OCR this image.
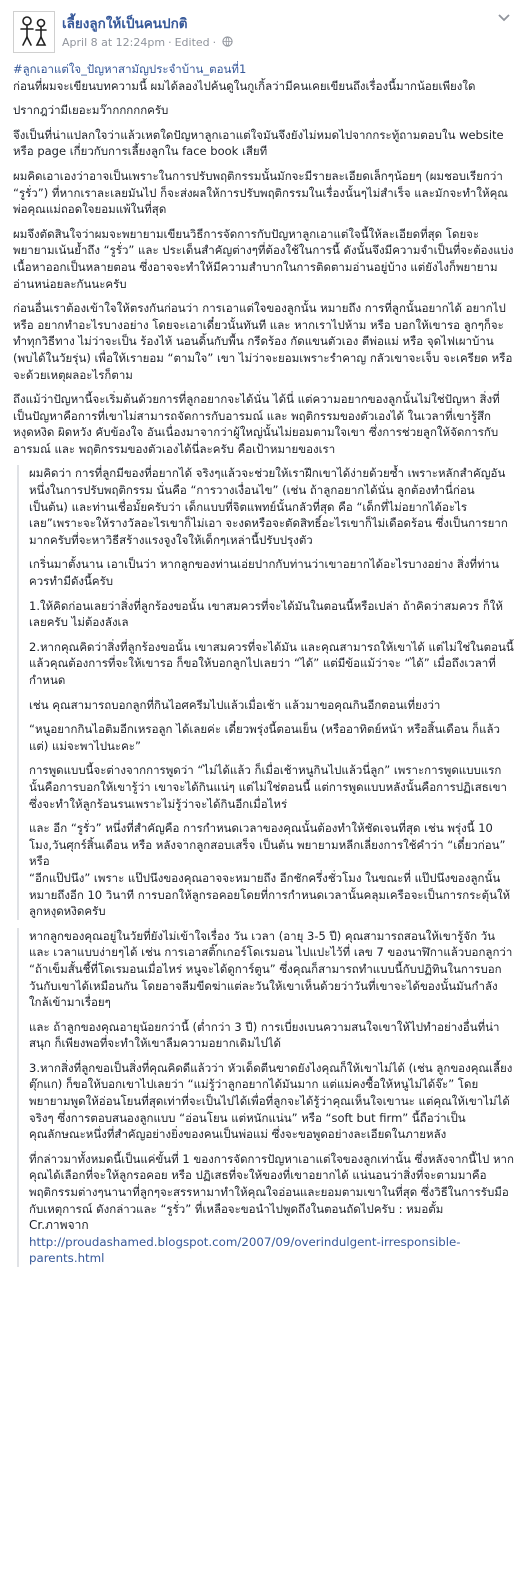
เลี้ยงลูกให้เป็นคนปกติ
April 8 at 12:24pm · Edited ·

#ลูกเอาแต่ใจ_ปัญหาสามัญประจำบ้าน_ตอนที่1

ก่อนที่ผมจะเขียนบทความนี้ ผมได้ลองไปค้นดูในกูเกิ้ลว่ามีคนเคยเขียนถึงเรื่องนี้มากน้อยเพียงใด

ปรากฎว่ามีเยอะมว๊ากกกกกครับ

จึงเป็นที่น่าแปลกใจว่าแล้วเหตใดปัญหาลูกเอาแต่ใจมันจึงยังไม่หมดไปจากกระทู้ถามตอบใน website หรือ page เกี่ยวกับการเลี้ยงลูกใน face book เสียที

ผมคิดเอาเองว่าอาจเป็นเพราะในการปรับพฤติกรรมนั้นมักจะมีรายละเอียดเล็กๆน้อยๆ (ผมชอบเรียกว่า “รูรั่ว”) ที่หากเราละเลยมันไป ก็จะส่งผลให้การปรับพฤติกรรมในเรื่องนั้นๆไม่สำเร็จ และมักจะทำให้คุณพ่อคุณแม่ถอดใจยอมแพ้ในที่สุด

ผมจึงตัดสินใจว่าผมจะพยายามเขียนวิธีการจัดการกับปัญหาลูกเอาแต่ใจนี้ให้ละเอียดที่สุด โดยจะพยายามเน้นย้ำถึง “รูรั่ว” และ ประเด็นสำคัญต่างๆที่ต้องใช้ในการนี้ ดังนั้นจึงมีความจำเป็นที่จะต้องแบ่งเนื้อหาออกเป็นหลายตอน ซึ่งอาจจะทำให้มีความสำบากในการติดตามอ่านอยู่บ้าง แต่ยังไงก็พยายามอ่านหน่อยละกันนะครับ

ก่อนอื่นเราต้องเข้าใจให้ตรงกันก่อนว่า การเอาแต่ใจของลูกนั้น หมายถึง การที่ลูกนั้นอยากได้ อยากไป หรือ อยากทำอะไรบางอย่าง โดยจะเอาเดี๋ยวนั้นทันที และ หากเราไปห้าม หรือ บอกให้เขารอ ลูกๆก็จะทำทุกวิธีทาง ไม่ว่าจะเป็น ร้องไห้ นอนดิ้นกับพื้น กรีดร้อง กัดแขนตัวเอง ตีพ่อแม่ หรือ จุดไฟเผาบ้าน (พบได้ในวัยรุ่น) เพื่อให้เรายอม “ตามใจ” เขา ไม่ว่าจะยอมเพราะรำคาญ กลัวเขาจะเจ็บ จะเครียด หรือ จะด้วยเหตุผลอะไรก็ตาม

ถึงแม้ว่าปัญหานี้จะเริ่มต้นด้วยการที่ลูกอยากจะได้นั่น ได้นี่ แต่ความอยากของลูกนั้นไม่ใช่ปัญหา สิ่งที่เป็นปัญหาคือการที่เขาไม่สามารถจัดการกับอารมณ์ และ พฤติกรรมของตัวเองได้ ในเวลาที่เขารู้สึก หงุดหงิด ผิดหวัง คับข้องใจ อันเนื่องมาจากว่าผู้ใหญ่นั้นไม่ยอมตามใจเขา ซึ่งการช่วยลูกให้จัดการกับ อารมณ์ และ พฤติกรรมของตัวเองได้นี่ละครับ คือเป้าหมายของเรา

ผมคิดว่า การที่ลูกมีของที่อยากได้ จริงๆแล้วจะช่วยให้เราฝึกเขาได้ง่ายด้วยซ้ำ เพราะหลักสำคัญอันหนึ่งในการปรับพฤติกรรม นั่นคือ “การวางเงื่อนไข” (เช่น ถ้าลูกอยากได้นั่น ลูกต้องทำนี่ก่อน เป็นต้น) และท่านเชื่อมั้ยครับว่า เด็กแบบที่จิตแพทย์นั้นกลัวที่สุด คือ “เด็กที่ไม่อยากได้อะไรเลย”เพราะจะให้รางวัลอะไรเขาก็ไม่เอา จะงดหรือจะตัดสิทธิ์อะไรเขาก็ไม่เดือดร้อน ซึ่งเป็นการยากมากครับที่จะหาวิธีสร้างแรงจูงใจให้เด็กๆเหล่านี้ปรับปรุงตัว

เกริ่นมาตั้งนาน เอาเป็นว่า หากลูกของท่านเอ่ยปากกับท่านว่าเขาอยากได้อะไรบางอย่าง สิ่งที่ท่านควรทำมีดังนี้ครับ

1.ให้คิดก่อนเลยว่าสิ่งที่ลูกร้องขอนั้น เขาสมควรที่จะได้มันในตอนนี้หรือเปล่า ถ้าคิดว่าสมควร ก็ให้เลยครับ ไม่ต้องลังเล

2.หากคุณคิดว่าสิ่งที่ลูกร้องขอนั้น เขาสมควรที่จะได้มัน และคุณสามารถให้เขาได้ แต่ไม่ใช่ในตอนนี้ แล้วคุณต้องการที่จะให้เขารอ ก็ขอให้บอกลูกไปเลยว่า “ได้” แต่มีข้อแม้ว่าจะ “ได้” เมื่อถึงเวลาที่กำหนด

เช่น คุณสามารถบอกลูกที่กินไอศครีมไปแล้วเมื่อเช้า แล้วมาขอคุณกินอีกตอนเที่ยงว่า

“หนูอยากกินไอติมอีกเหรอลูก ได้เลยค่ะ เดี๋ยวพรุ่งนี้ตอนเย็น (หรืออาทิตย์หน้า หรือสิ้นเดือน ก็แล้วแต่) แม่จะพาไปนะคะ”

การพูดแบบนี้จะต่างจากการพูดว่า “ไม่ได้แล้ว ก็เมื่อเช้าหนูกินไปแล้วนี่ลูก” เพราะการพูดแบบแรกนั้นคือการบอกให้เขารู้ว่า เขาจะได้กินแน่ๆ แต่ไม่ใช่ตอนนี้ แต่การพูดแบบหลังนั้นคือการปฏิเสธเขา ซึ่งจะทำให้ลูกร้อนรนเพราะไม่รู้ว่าจะได้กินอีกเมื่อไหร่

และ อีก “รูรั่ว” หนึ่งที่สำคัญคือ การกำหนดเวลาของคุณนั้นต้องทำให้ชัดเจนที่สุด เช่น พรุ่งนี้ 10 โมง,วันศุกร์สิ้นเดือน หรือ หลังจากลูกสอบเสร็จ เป็นต้น พยายามหลีกเลี่ยงการใช้คำว่า “เดี๋ยวก่อน” หรือ

“อีกแป๊ปนึง” เพราะ แป๊ปนึงของคุณอาจจะหมายถึง อีกชักครึ่งชั่วโมง ในขณะที่ แป๊ปนึงของลูกนั้น หมายถึงอีก 10 วินาที การบอกให้ลูกรอคอยโดยที่การกำหนดเวลานั้นคลุมเครือจะเป็นการกระตุ้นให้ลูกหงุดหงิดครับ

หากลูกของคุณอยู่ในวัยที่ยังไม่เข้าใจเรื่อง วัน เวลา (อายุ 3-5 ปี) คุณสามารถสอนให้เขารู้จัก วัน และ เวลาแบบง่ายๆได้ เช่น การเอาสติ๊กเกอร์โดเรมอน ไปแปะไว้ที่ เลข 7 ของนาฬิกาแล้วบอกลูกว่า “ถ้าเข็มสั้นชี้ที่โดเรมอนเมื่อไหร่ หนูจะได้ดูการ์ตูน” ซึ่งคุณก็สามารถทำแบบนี้กับปฏิทินในการบอกวันกับเขาได้เหมือนกัน โดยอาจลีมขีดฆ่าแต่ละวันให้เขาเห็นด้วยว่าวันที่เขาจะได้ของนั้นมันกำลังใกล้เข้ามาเรื่อยๆ

และ ถ้าลูกของคุณอายุน้อยกว่านี้ (ต่ำกว่า 3 ปี) การเบี่ยงเบนความสนใจเขาให้ไปทำอย่างอื่นที่น่าสนุก ก็เพียงพอที่จะทำให้เขาลืมความอยากเดิมไปได้

3.หากสิ่งที่ลูกขอเป็นสิ่งที่คุณคิดดีแล้วว่า หัวเด็ดตีนขาดยังไงคุณก็ให้เขาไม่ได้ (เช่น ลูกของคุณเลี้ยงตุ๊กแก) ก็ขอให้บอกเขาไปเลยว่า “แม่รู้ว่าลูกอยากได้มันมาก แต่แม่คงซื้อให้หนูไม่ได้จ๊ะ” โดยพยายามพูดให้อ่อนโยนที่สุดเท่าที่จะเป็นไปได้เพื่อที่ลูกจะได้รู้ว่าคุณเห็นใจเขานะ แต่คุณให้เขาไม่ได้จริงๆ ซึ่งการตอบสนองลูกแบบ “อ่อนโยน แต่หนักแน่น” หรือ “soft but firm” นี้ถือว่าเป็นคุณลักษณะหนึ่งที่สำคัญอย่างยิ่งของคนเป็นพ่อแม่ ซึ่งจะขอพูดอย่างละเอียดในภายหลัง

ที่กล่าวมาทั้งหมดนี้เป็นแค่ขั้นที่ 1 ของการจัดการปัญหาเอาแต่ใจของลูกเท่านั้น ซึ่งหลังจากนี้ไป หากคุณได้เลือกที่จะให้ลูกรอคอย หรือ ปฏิเสธที่จะให้ของที่เขาอยากได้ แน่นอนว่าสิ่งที่จะตามมาคือ พฤติกรรมต่างๆนานาที่ลูกๆจะสรรหามาทำให้คุณใจอ่อนและยอมตามเขาในที่สุด ซึ่งวิธีในการรับมือกับเหตุการณ์ ดังกล่าวและ “รูรั่ว” ที่เหลือจะขอนำไปพูดถึงในตอนถัดไปครับ : หมอตั้ม

Cr.ภาพจาก

http://proudashamed.blogspot.com/2007/09/overindulgent-irresponsible-parents.html
